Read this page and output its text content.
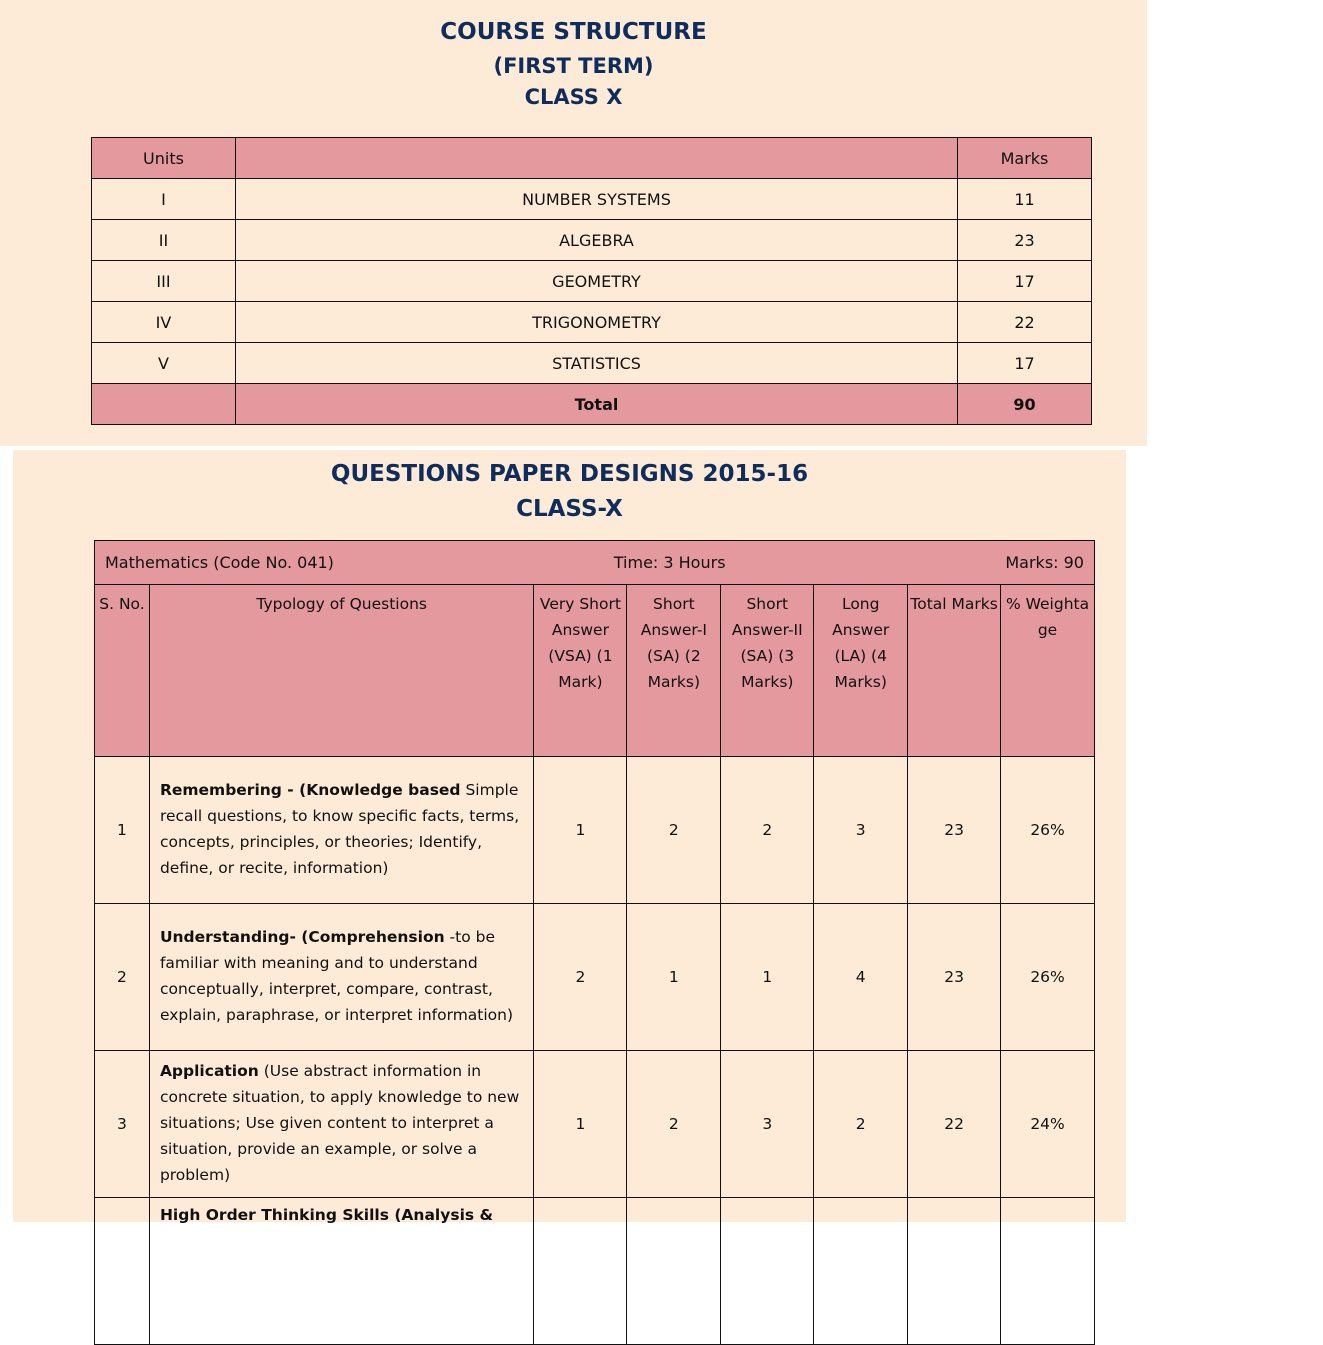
COURSE STRUCTURE
(FIRST TERM)
CLASS X
Units		Marks
I	NUMBER SYSTEMS	11
II	ALGEBRA	23
III	GEOMETRY	17
IV	TRIGONOMETRY	22
V	STATISTICS	17
	Total	90
QUESTIONS PAPER DESIGNS 2015-16
CLASS-X
Mathematics (Code No. 041) Time: 3 Hours Marks: 90							

S. No.	Typology of Questions	Very Short Answer (VSA) (1 Mark)	Short Answer-I (SA) (2 Marks)	Short Answer-II (SA) (3 Marks)	Long Answer (LA) (4 Marks)	Total Marks	% Weightage
1	Remembering - (Knowledge based Simple recall questions, to know specific facts, terms, concepts, principles, or theories; Identify, define, or recite, information)	1	2	2	3	23	26%
2	Understanding- (Comprehension -to be familiar with meaning and to understand conceptually, interpret, compare, contrast, explain, paraphrase, or interpret information)	2	1	1	4	23	26%
3	Application (Use abstract information in concrete situation, to apply knowledge to new situations; Use given content to interpret a situation, provide an example, or solve a problem)	1	2	3	2	22	24%
	High Order Thinking Skills (Analysis &						
